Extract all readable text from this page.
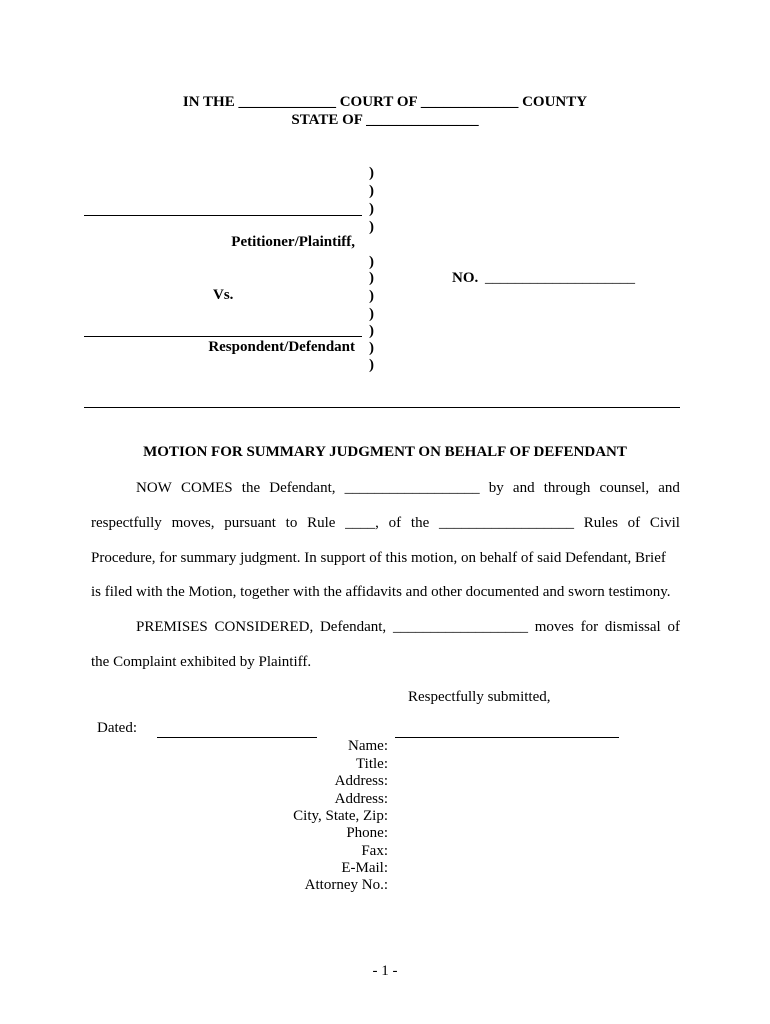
IN THE _____________ COURT OF _____________ COUNTY
STATE OF _______________
)
)
)
)
)
)
)
)
)
)
)
Petitioner/Plaintiff,
Vs.
Respondent/Defendant
NO. ____________________
MOTION FOR SUMMARY JUDGMENT ON BEHALF OF DEFENDANT
NOW COMES the Defendant, __________________ by and through counsel, and
respectfully moves, pursuant to Rule ____, of the __________________ Rules of Civil
Procedure, for summary judgment. In support of this motion, on behalf of said Defendant, Brief
is filed with the Motion, together with the affidavits and other documented and sworn testimony.
PREMISES CONSIDERED, Defendant, __________________ moves for dismissal of
the Complaint exhibited by Plaintiff.
Respectfully submitted,
Dated:
Name:
Title:
Address:
Address:
City, State, Zip:
Phone:
Fax:
E-Mail:
Attorney No.:
- 1 -
